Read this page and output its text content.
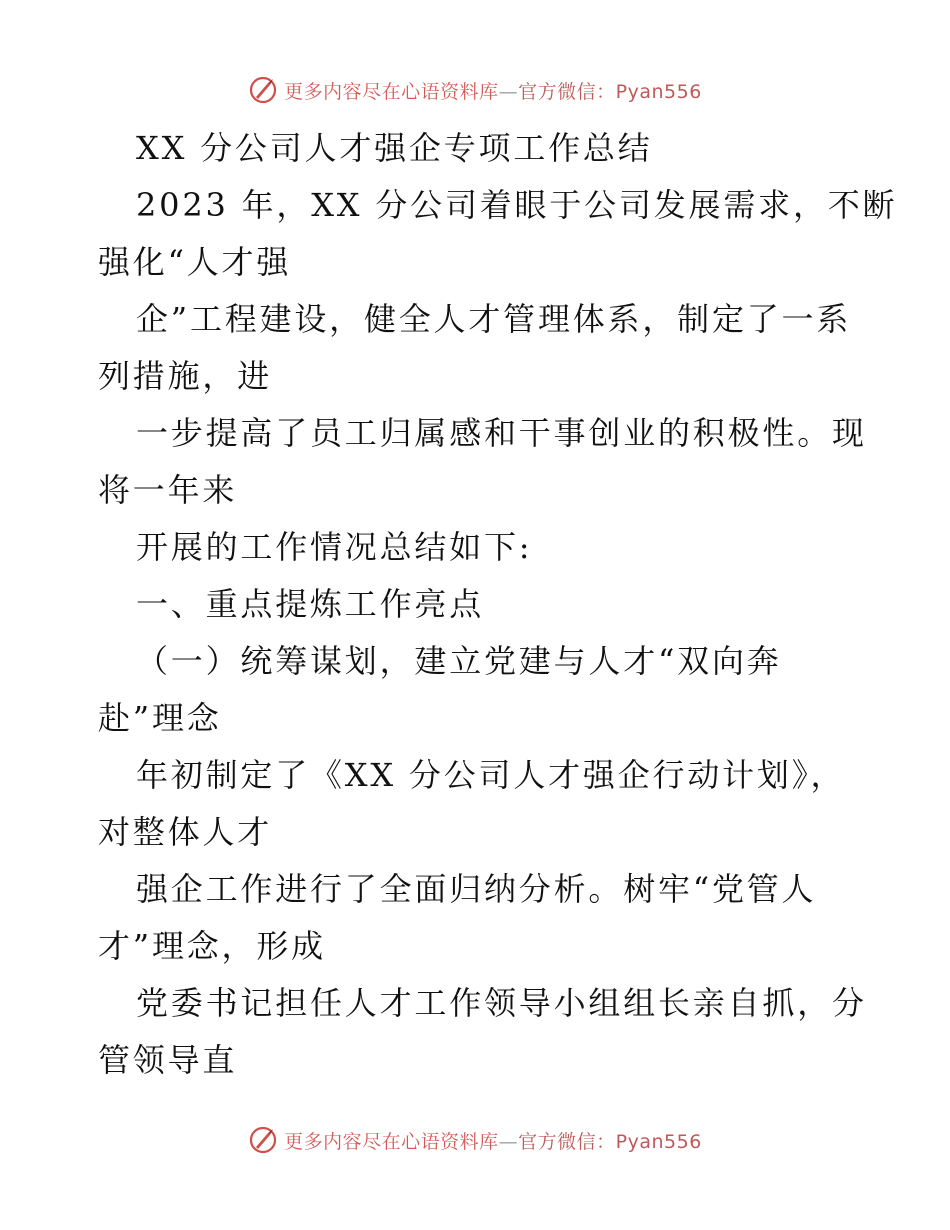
更多内容尽在心语资料库—官方微信：Pyan556

XX 分公司人才强企专项工作总结

2023 年，XX 分公司着眼于公司发展需求，不断
强化“人才强

企”工程建设，健全人才管理体系，制定了一系
列措施，进

一步提高了员工归属感和干事创业的积极性。现
将一年来

开展的工作情况总结如下:

一、重点提炼工作亮点

（一）统筹谋划，建立党建与人才“双向奔
赴”理念

年初制定了《XX 分公司人才强企行动计划》，
对整体人才

强企工作进行了全面归纳分析。树牢“党管人
才”理念，形成

党委书记担任人才工作领导小组组长亲自抓，分
管领导直

更多内容尽在心语资料库—官方微信：Pyan556
